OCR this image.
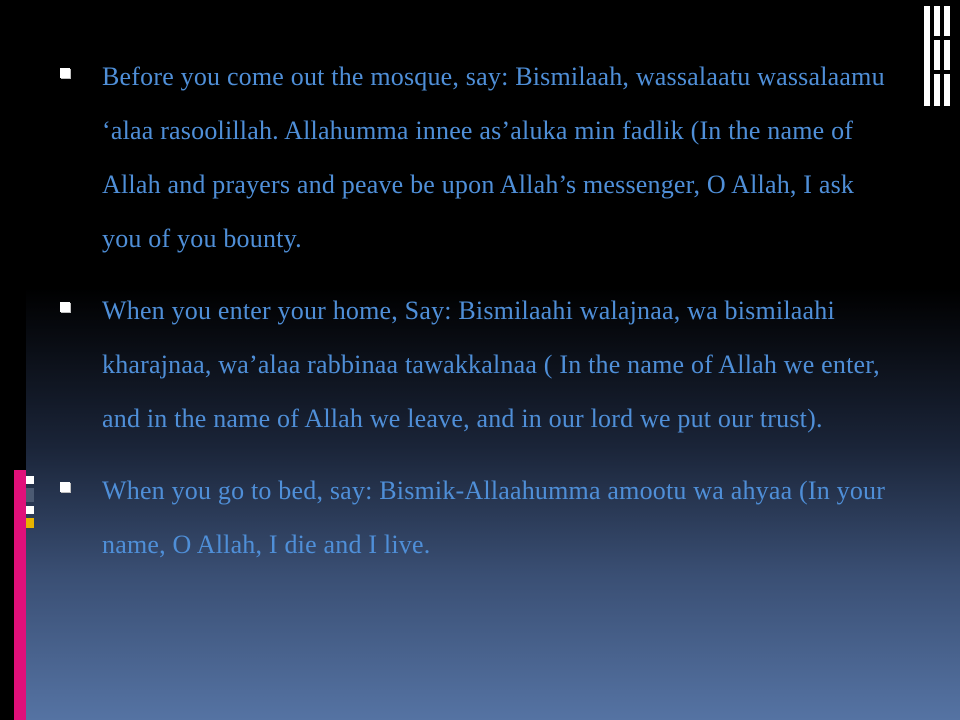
Before you come out the mosque, say: Bismilaah, wassalaatu wassalaamu ‘alaa rasoolillah. Allahumma innee as’aluka min fadlik (In the name of Allah and prayers and peave be upon Allah’s messenger, O Allah, I ask you of you bounty.
When you enter your home, Say: Bismilaahi walajnaa, wa bismilaahi kharajnaa, wa’alaa rabbinaa tawakkalnaa ( In the name of Allah we enter, and in the name of Allah we leave, and in our lord we put our trust).
When you go to bed, say: Bismik-Allaahumma amootu wa ahyaa (In your name, O Allah, I die and I live.
